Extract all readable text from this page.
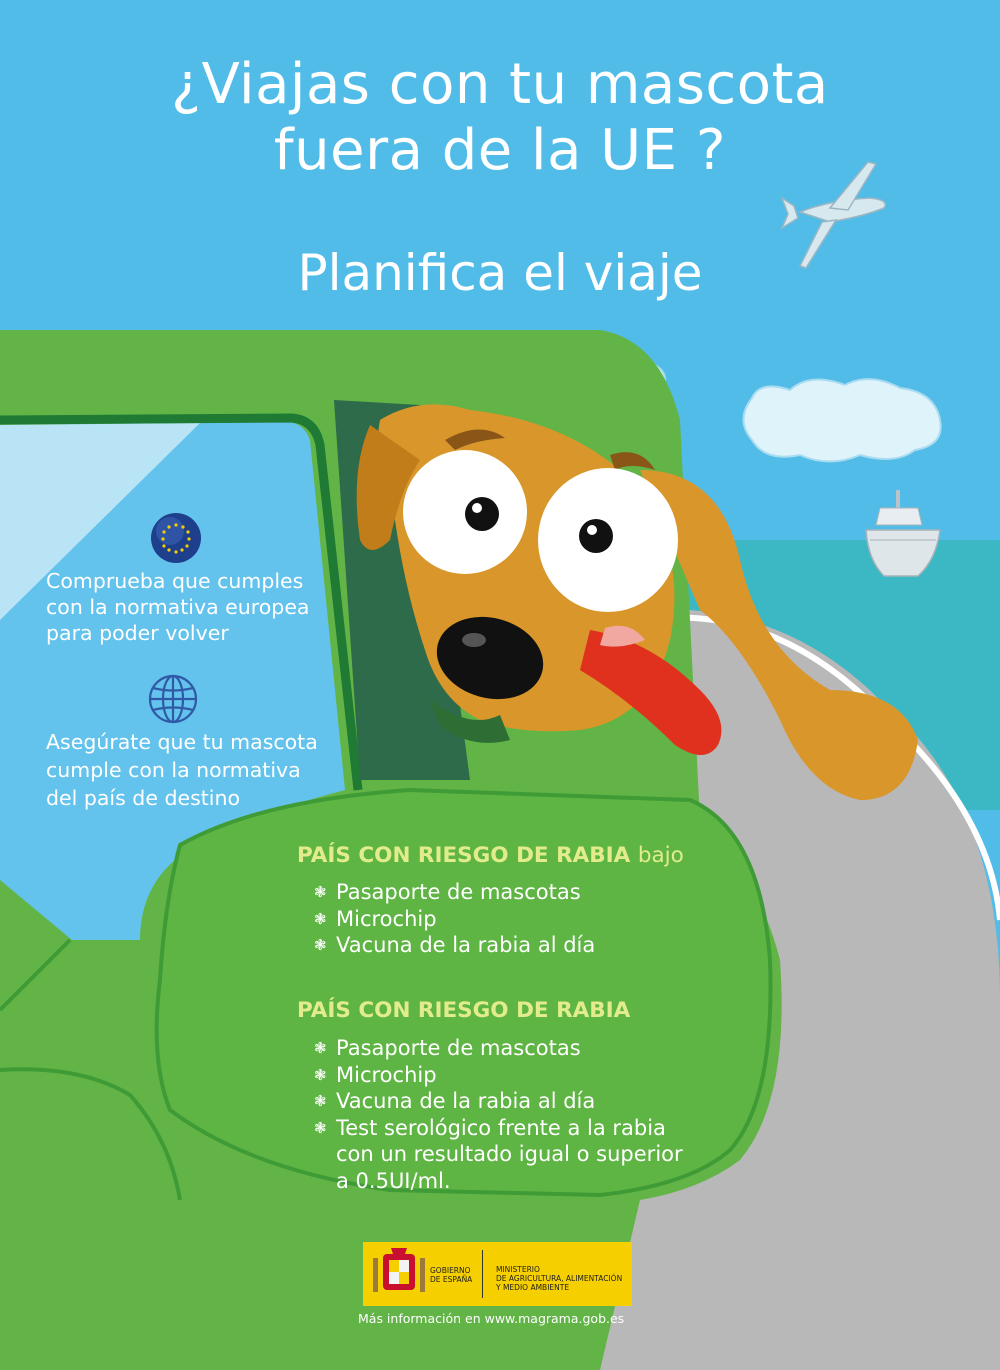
¿Viajas con tu mascota
fuera de la UE ?
Planifica el viaje
Comprueba que cumples
con la normativa europea
para poder volver
Asegúrate que tu mascota
cumple con la normativa
del país de destino
PAÍS CON RIESGO DE RABIA bajo
❃ Pasaporte de mascotas
❃ Microchip
❃ Vacuna de la rabia al día
PAÍS CON RIESGO DE RABIA
❃ Pasaporte de mascotas
❃ Microchip
❃ Vacuna de la rabia al día
❃ Test serológico frente a la rabia
con un resultado igual o superior
a 0.5UI/ml.
GOBIERNO
DE ESPAÑA
MINISTERIO
DE AGRICULTURA, ALIMENTACIÓN
Y MEDIO AMBIENTE
Más información en www.magrama.gob.es
